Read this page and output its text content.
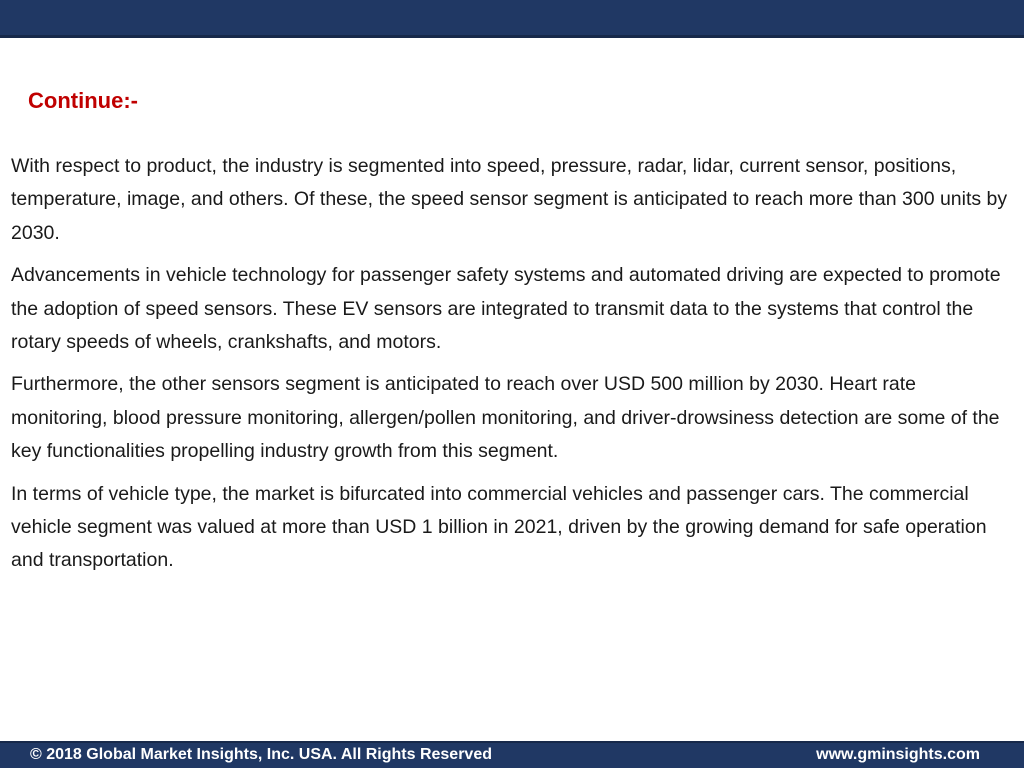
Continue:-

With respect to product, the industry is segmented into speed, pressure, radar, lidar, current sensor, positions, temperature, image, and others. Of these, the speed sensor segment is anticipated to reach more than 300 units by 2030.

Advancements in vehicle technology for passenger safety systems and automated driving are expected to promote the adoption of speed sensors. These EV sensors are integrated to transmit data to the systems that control the rotary speeds of wheels, crankshafts, and motors.

Furthermore, the other sensors segment is anticipated to reach over USD 500 million by 2030. Heart rate monitoring, blood pressure monitoring, allergen/pollen monitoring, and driver-drowsiness detection are some of the key functionalities propelling industry growth from this segment.

In terms of vehicle type, the market is bifurcated into commercial vehicles and passenger cars. The commercial vehicle segment was valued at more than USD 1 billion in 2021, driven by the growing demand for safe operation and transportation.

© 2018 Global Market Insights, Inc. USA. All Rights Reserved	www.gminsights.com
